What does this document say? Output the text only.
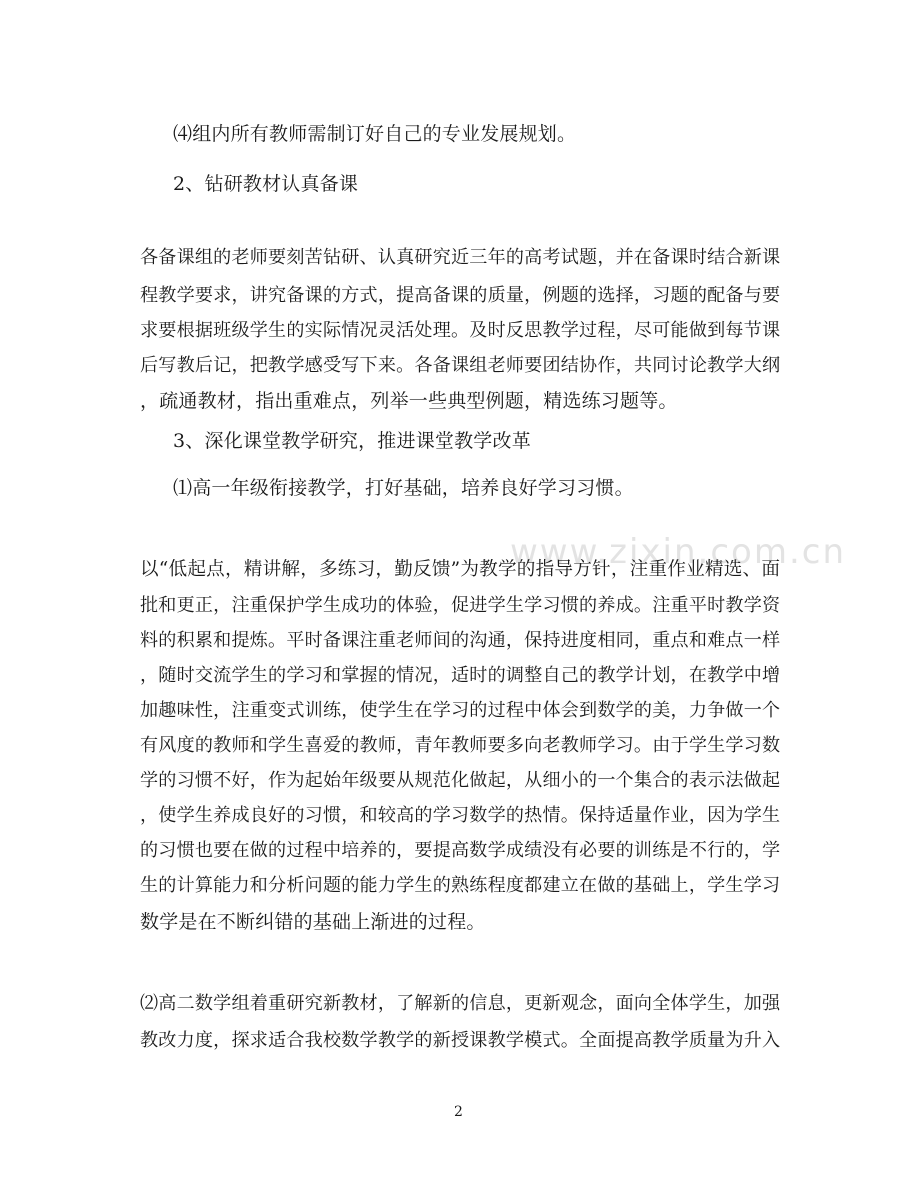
www.zixin.com.cn
⑷组内所有教师需制订好自己的专业发展规划。
2、钻研教材认真备课
各备课组的老师要刻苦钻研、认真研究近三年的高考试题，并在备课时结合新课
程教学要求，讲究备课的方式，提高备课的质量，例题的选择，习题的配备与要
求要根据班级学生的实际情况灵活处理。及时反思教学过程，尽可能做到每节课
后写教后记，把教学感受写下来。各备课组老师要团结协作，共同讨论教学大纲
，疏通教材，指出重难点，列举一些典型例题，精选练习题等。
3、深化课堂教学研究，推进课堂教学改革
⑴高一年级衔接教学，打好基础，培养良好学习习惯。
以“低起点，精讲解，多练习，勤反馈”为教学的指导方针，注重作业精选、面
批和更正，注重保护学生成功的体验，促进学生学习惯的养成。注重平时教学资
料的积累和提炼。平时备课注重老师间的沟通，保持进度相同，重点和难点一样
，随时交流学生的学习和掌握的情况，适时的调整自己的教学计划，在教学中增
加趣味性，注重变式训练，使学生在学习的过程中体会到数学的美，力争做一个
有风度的教师和学生喜爱的教师，青年教师要多向老教师学习。由于学生学习数
学的习惯不好，作为起始年级要从规范化做起，从细小的一个集合的表示法做起
，使学生养成良好的习惯，和较高的学习数学的热情。保持适量作业，因为学生
的习惯也要在做的过程中培养的，要提高数学成绩没有必要的训练是不行的，学
生的计算能力和分析问题的能力学生的熟练程度都建立在做的基础上，学生学习
数学是在不断纠错的基础上渐进的过程。
⑵高二数学组着重研究新教材，了解新的信息，更新观念，面向全体学生，加强
教改力度，探求适合我校数学教学的新授课教学模式。全面提高教学质量为升入
2
